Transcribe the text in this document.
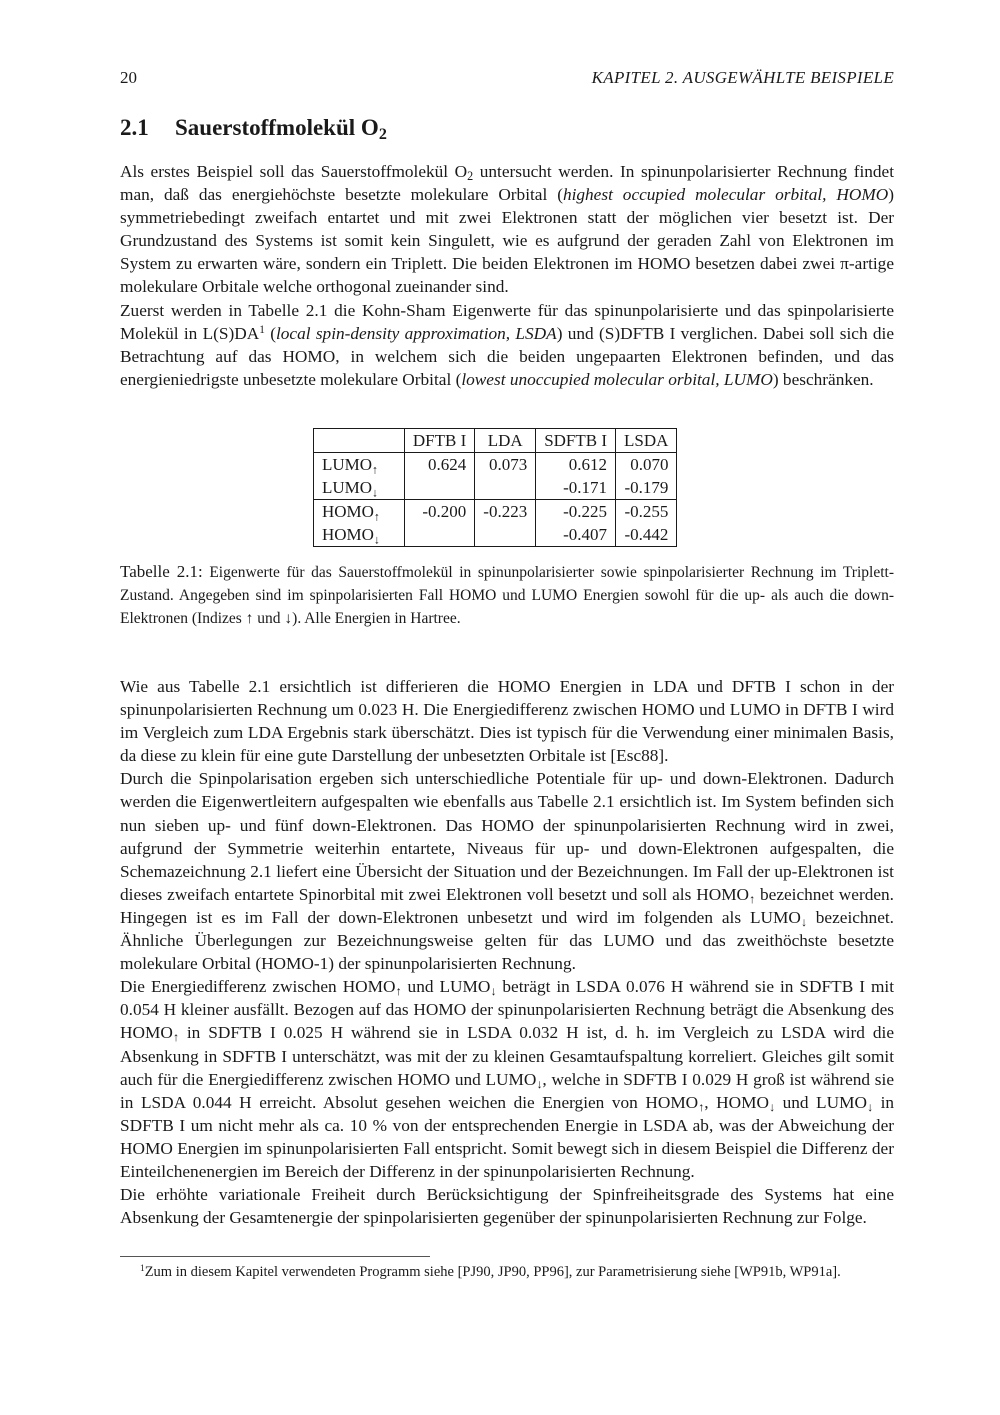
20	KAPITEL 2. AUSGEWÄHLTE BEISPIELE
2.1 Sauerstoffmolekül $O_2$

Als erstes Beispiel soll das Sauerstoffmolekül $O_2$ untersucht werden. In spinunpolarisierter Rechnung findet man, daß das energiehöchste besetzte molekulare Orbital (highest occupied molecular orbital, HOMO) symmetriebedingt zweifach entartet und mit zwei Elektronen statt der möglichen vier besetzt ist. Der Grundzustand des Systems ist somit kein Singulett, wie es aufgrund der geraden Zahl von Elektronen im System zu erwarten wäre, sondern ein Triplett. Die beiden Elektronen im HOMO besetzen dabei zwei π-artige molekulare Orbitale welche orthogonal zueinander sind.

Zuerst werden in Tabelle 2.1 die Kohn-Sham Eigenwerte für das spinunpolarisierte und das spinpolarisierte Molekül in $L(S)DA^1$ (local spin-density approximation, LSDA) und (S)DFTB I verglichen. Dabei soll sich die Betrachtung auf das HOMO, in welchem sich die beiden ungepaarten Elektronen befinden, und das energieniedrigste unbesetzte molekulare Orbital (lowest unoccupied molecular orbital, LUMO) beschränken.

	DFTB I	LDA	SDFTB I	LSDA
$LUMO_↑$	0.624	0.073	0.612	0.070
$LUMO_↓$			-0.171	-0.179
$HOMO_↑$	-0.200	-0.223	-0.225	-0.255
$HOMO_↓$			-0.407	-0.442
Tabelle 2.1: Eigenwerte für das Sauerstoffmolekül in spinunpolarisierter sowie spinpolarisierter Rechnung im Triplett-Zustand. Angegeben sind im spinpolarisierten Fall HOMO und LUMO Energien sowohl für die up- als auch die down-Elektronen (Indizes ↑ und ↓). Alle Energien in Hartree.

Wie aus Tabelle 2.1 ersichtlich ist differieren die HOMO Energien in LDA und DFTB I schon in der spinunpolarisierten Rechnung um 0.023 H. Die Energiedifferenz zwischen HOMO und LUMO in DFTB I wird im Vergleich zum LDA Ergebnis stark überschätzt. Dies ist typisch für die Verwendung einer minimalen Basis, da diese zu klein für eine gute Darstellung der unbesetzten Orbitale ist [Esc88].

Durch die Spinpolarisation ergeben sich unterschiedliche Potentiale für up- und down-Elektronen. Dadurch werden die Eigenwertleitern aufgespalten wie ebenfalls aus Tabelle 2.1 ersichtlich ist. Im System befinden sich nun sieben up- und fünf down-Elektronen. Das HOMO der spinunpolarisierten Rechnung wird in zwei, aufgrund der Symmetrie weiterhin entartete, Niveaus für up- und down-Elektronen aufgespalten, die Schemazeichnung 2.1 liefert eine Übersicht der Situation und der Bezeichnungen. Im Fall der up-Elektronen ist dieses zweifach entartete Spinorbital mit zwei Elektronen voll besetzt und soll als $HOMO_↑$ bezeichnet werden. Hingegen ist es im Fall der down-Elektronen unbesetzt und wird im folgenden als $LUMO_↓$ bezeichnet. Ähnliche Überlegungen zur Bezeichnungsweise gelten für das LUMO und das zweithöchste besetzte molekulare Orbital (HOMO-1) der spinunpolarisierten Rechnung.

Die Energiedifferenz zwischen $HOMO_↑$ und $LUMO_↓$ beträgt in LSDA 0.076 H während sie in SDFTB I mit 0.054 H kleiner ausfällt. Bezogen auf das HOMO der spinunpolarisierten Rechnung beträgt die Absenkung des $HOMO_↑$ in SDFTB I 0.025 H während sie in LSDA 0.032 H ist, d. h. im Vergleich zu LSDA wird die Absenkung in SDFTB I unterschätzt, was mit der zu kleinen Gesamtaufspaltung korreliert. Gleiches gilt somit auch für die Energiedifferenz zwischen HOMO und $LUMO_↓$, welche in SDFTB I 0.029 H groß ist während sie in LSDA 0.044 H erreicht. Absolut gesehen weichen die Energien von $HOMO_↑$, $HOMO_↓$ und $LUMO_↓$ in SDFTB I um nicht mehr als ca. 10 % von der entsprechenden Energie in LSDA ab, was der Abweichung der HOMO Energien im spinunpolarisierten Fall entspricht. Somit bewegt sich in diesem Beispiel die Differenz der Einteilchenenergien im Bereich der Differenz in der spinunpolarisierten Rechnung.

Die erhöhte variationale Freiheit durch Berücksichtigung der Spinfreiheitsgrade des Systems hat eine Absenkung der Gesamtenergie der spinpolarisierten gegenüber der spinunpolarisierten Rechnung zur Folge.

$^1$Zum in diesem Kapitel verwendeten Programm siehe [PJ90, JP90, PP96], zur Parametrisierung siehe [WP91b, WP91a].
